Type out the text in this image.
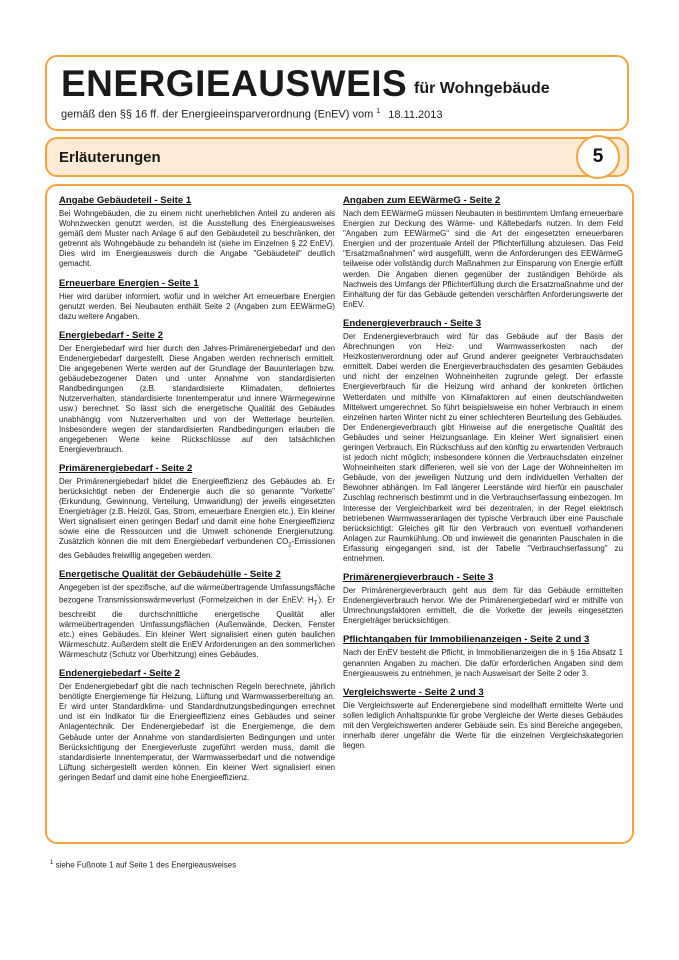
ENERGIEAUSWEIS für Wohngebäude
gemäß den §§ 16 ff. der Energieeinsparverordnung (EnEV) vom $^1$ 18.11.2013
Erläuterungen	5
Angabe Gebäudeteil - Seite 1
Bei Wohngebäuden, die zu einem nicht unerheblichen Anteil zu anderen als Wohnzwecken genutzt werden, ist die Ausstellung des Energieausweises gemäß dem Muster nach Anlage 6 auf den Gebäudeteil zu beschränken, der getrennt als Wohngebäude zu behandeln ist (siehe im Einzelnen § 22 EnEV). Dies wird im Energieausweis durch die Angabe "Gebäudeteil" deutlich gemacht.
Erneuerbare Energien - Seite 1
Hier wird darüber informiert, wofür und in welcher Art erneuerbare Energien genutzt werden. Bei Neubauten enthält Seite 2 (Angaben zum EEWärmeG) dazu weitere Angaben.
Energiebedarf - Seite 2
Der Energiebedarf wird hier durch den Jahres-Primärenergiebedarf und den Endenergiebedarf dargestellt. Diese Angaben werden rechnerisch ermittelt. Die angegebenen Werte werden auf der Grundlage der Bauunterlagen bzw. gebäudebezogener Daten und unter Annahme von standardisierten Randbedingungen (z.B. standardisierte Klimadaten, definiertes Nutzerverhalten, standardisierte Innentemperatur und innere Wärmegewinne usw.) berechnet. So lässt sich die energetische Qualität des Gebäudes unabhängig vom Nutzerverhalten und von der Wetterlage beurteilen. Insbesondere wegen der standardisierten Randbedingungen erlauben die angegebenen Werte keine Rückschlüsse auf den tatsächlichen Energieverbrauch.
Primärenergiebedarf - Seite 2
Der Primärenergiebedarf bildet die Energieeffizienz des Gebäudes ab. Er berücksichtigt neben der Endenergie auch die so genannte "Vorkette" (Erkundung, Gewinnung, Verteilung, Umwandlung) der jeweils eingesetzten Energieträger (z.B. Heizöl, Gas, Strom, erneuerbare Energien etc.). Ein kleiner Wert signalisiert einen geringen Bedarf und damit eine hohe Energieeffizienz sowie eine die Ressourcen und die Umwelt schonende Energienutzung. Zusätzlich können die mit dem Energiebedarf verbundenen $CO_2$-Emissionen des Gebäudes freiwillig angegeben werden.
Energetische Qualität der Gebäudehülle - Seite 2
Angegeben ist der spezifische, auf die wärmeübertragende Umfassungsfläche bezogene Transmissionswärmeverlust (Formelzeichen in der EnEV: $H_T'$). Er beschreibt die durchschnittliche energetische Qualität aller wärmeübertragenden Umfassungsflächen (Außenwände, Decken, Fenster etc.) eines Gebäudes. Ein kleiner Wert signalisiert einen guten baulichen Wärmeschutz. Außerdem stellt die EnEV Anforderungen an den sommerlichen Wärmeschutz (Schutz vor Überhitzung) eines Gebäudes.
Endenergiebedarf - Seite 2
Der Endenergiebedarf gibt die nach technischen Regeln berechnete, jährlich benötigte Energiemenge für Heizung, Lüftung und Warmwasserbereitung an. Er wird unter Standardklima- und Standardnutzungsbedingungen errechnet und ist ein Indikator für die Energieeffizienz eines Gebäudes und seiner Anlagentechnik. Der Endenergiebedarf ist die Energiemenge, die dem Gebäude unter der Annahme von standardisierten Bedingungen und unter Berücksichtigung der Energieverluste zugeführt werden muss, damit die standardisierte Innentemperatur, der Warmwasserbedarf und die notwendige Lüftung sichergestellt werden können. Ein kleiner Wert signalisiert einen geringen Bedarf und damit eine hohe Energieeffizienz.
Angaben zum EEWärmeG - Seite 2
Nach dem EEWärmeG müssen Neubauten in bestimmtem Umfang erneuerbare Energien zur Deckung des Wärme- und Kältebedarfs nutzen. In dem Feld "Angaben zum EEWärmeG" sind die Art der eingesetzten erneuerbaren Energien und der prozentuale Anteil der Pflichterfüllung abzulesen. Das Feld "Ersatzmaßnahmen" wird ausgefüllt, wenn die Anforderungen des EEWärmeG teilweise oder vollständig durch Maßnahmen zur Einsparung von Energie erfüllt werden. Die Angaben dienen gegenüber der zuständigen Behörde als Nachweis des Umfangs der Pflichterfüllung durch die Ersatzmaßnahme und der Einhaltung der für das Gebäude geltenden verschärften Anforderungswerte der EnEV.
Endenergieverbrauch - Seite 3
Der Endenergieverbrauch wird für das Gebäude auf der Basis der Abrechnungen von Heiz- und Warmwasserkosten nach der Heizkostenverordnung oder auf Grund anderer geeigneter Verbrauchsdaten ermittelt. Dabei werden die Energieverbrauchsdaten des gesamten Gebäudes und nicht der einzelnen Wohneinheiten zugrunde gelegt. Der erfasste Energieverbrauch für die Heizung wird anhand der konkreten örtlichen Wetterdaten und mithilfe von Klimafaktoren auf einen deutschlandweiten Mittelwert umgerechnet. So führt beispielsweise ein hoher Verbrauch in einem einzelnen harten Winter nicht zu einer schlechteren Beurteilung des Gebäudes. Der Endenergieverbrauch gibt Hinweise auf die energetische Qualität des Gebäudes und seiner Heizungsanlage. Ein kleiner Wert signalisiert einen geringen Verbrauch. Ein Rückschluss auf den künftig zu erwartenden Verbrauch ist jedoch nicht möglich; insbesondere können die Verbrauchsdaten einzelner Wohneinheiten stark differieren, weil sie von der Lage der Wohneinheiten im Gebäude, von der jeweiligen Nutzung und dem individuellen Verhalten der Bewohner abhängen. Im Fall längerer Leerstände wird hierfür ein pauschaler Zuschlag rechnerisch bestimmt und in die Verbrauchserfassung einbezogen. Im Interesse der Vergleichbarkeit wird bei dezentralen, in der Regel elektrisch betriebenen Warmwasseranlagen der typische Verbrauch über eine Pauschale berücksichtigt: Gleiches gilt für den Verbrauch von eventuell vorhandenen Anlagen zur Raumkühlung. Ob und inwieweit die genannten Pauschalen in die Erfassung eingegangen sind, ist der Tabelle "Verbrauchserfassung" zu entnehmen.
Primärenergieverbrauch - Seite 3
Der Primärenergieverbrauch geht aus dem für das Gebäude ermittelten Endenergieverbrauch hervor. Wie der Primärenergiebedarf wird er mithilfe von Umrechnungsfaktoren ermittelt, die die Vorkette der jeweils eingesetzten Energieträger berücksichtigen.
Pflichtangaben für Immobilienanzeigen - Seite 2 und 3
Nach der EnEV besteht die Pflicht, in Immobilienanzeigen die in § 16a Absatz 1 genannten Angaben zu machen. Die dafür erforderlichen Angaben sind dem Energieausweis zu entnehmen, je nach Ausweisart der Seite 2 oder 3.
Vergleichswerte - Seite 2 und 3
Die Vergleichswerte auf Endenergiebene sind modellhaft ermittelte Werte und sollen lediglich Anhaltspunkte für grobe Vergleiche der Werte dieses Gebäudes mit den Vergleichswerten anderer Gebäude sein. Es sind Bereiche angegeben, innerhalb derer ungefähr die Werte für die einzelnen Vergleichskategorien liegen.
$^1$ siehe Fußnote 1 auf Seite 1 des Energieausweises
